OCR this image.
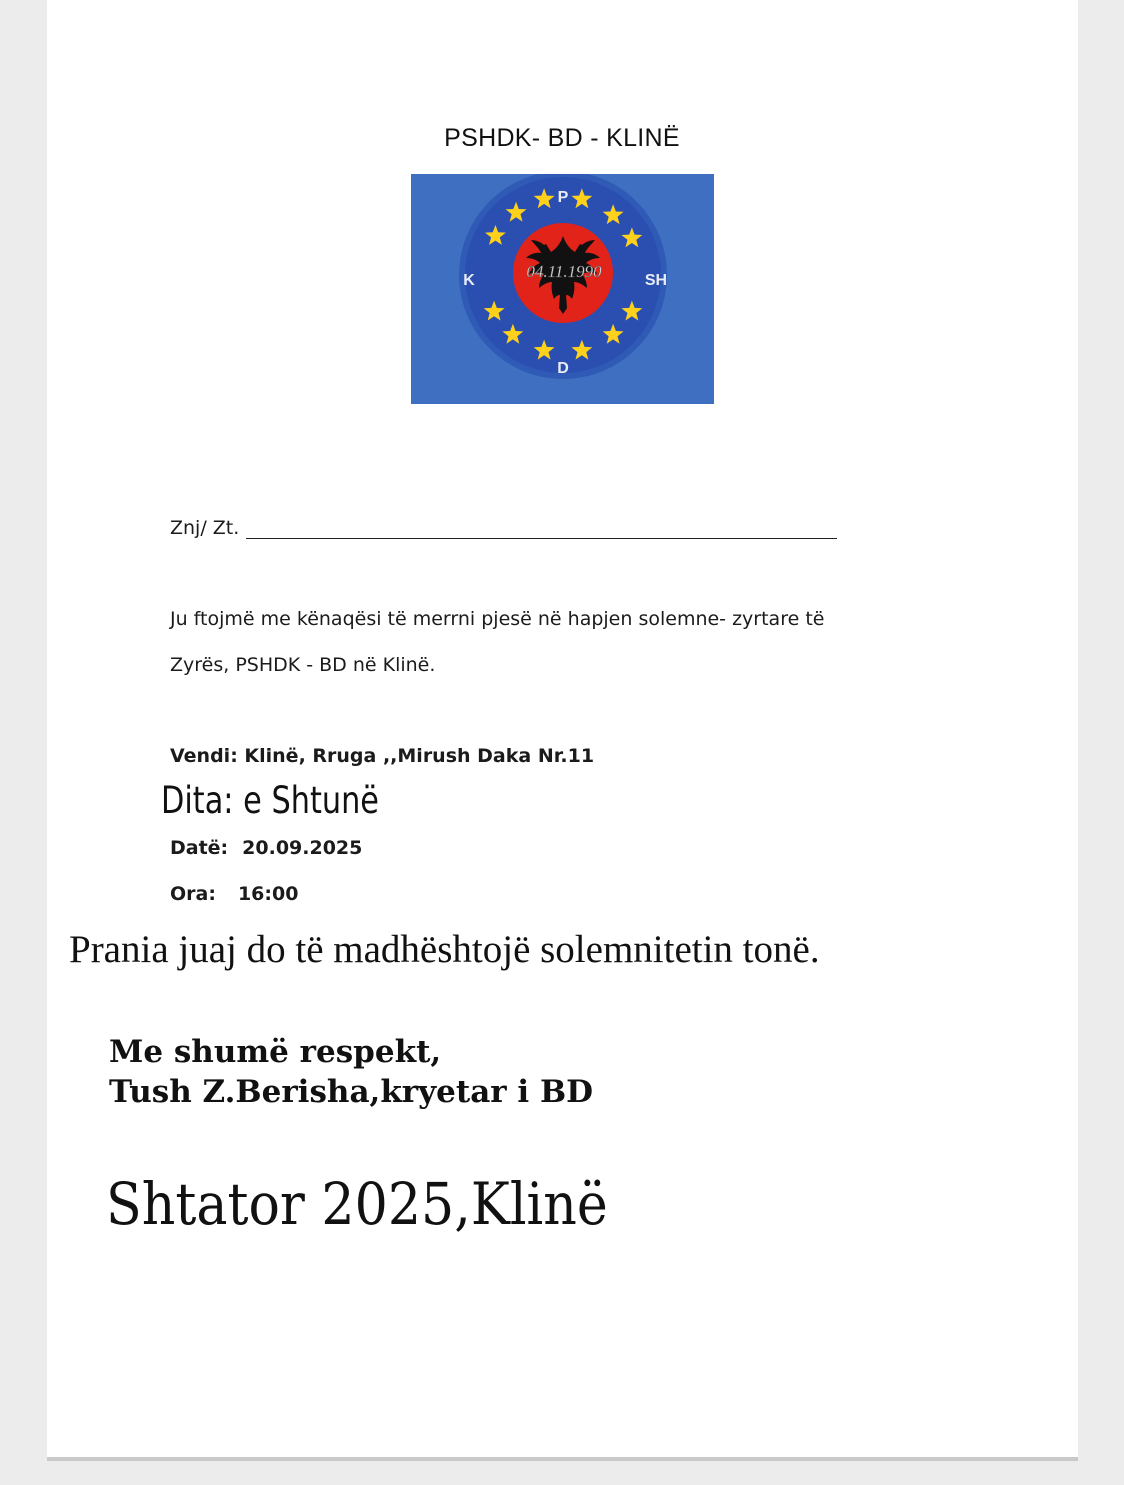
PSHDK- BD - KLINË
P
K	SH
D
04.11.1990
Znj/ Zt.
Ju ftojmë me kënaqësi të merrni pjesë në hapjen solemne- zyrtare të
Zyrës, PSHDK - BD në Klinë.
Vendi: Klinë, Rruga ,,Mirush Daka Nr.11
Dita: e Shtunë
Datë: 20.09.2025
Ora: 16:00
Prania juaj do të madhështojë solemnitetin tonë.
Me shumë respekt,
Tush Z.Berisha,kryetar i BD
Shtator 2025,Klinë
